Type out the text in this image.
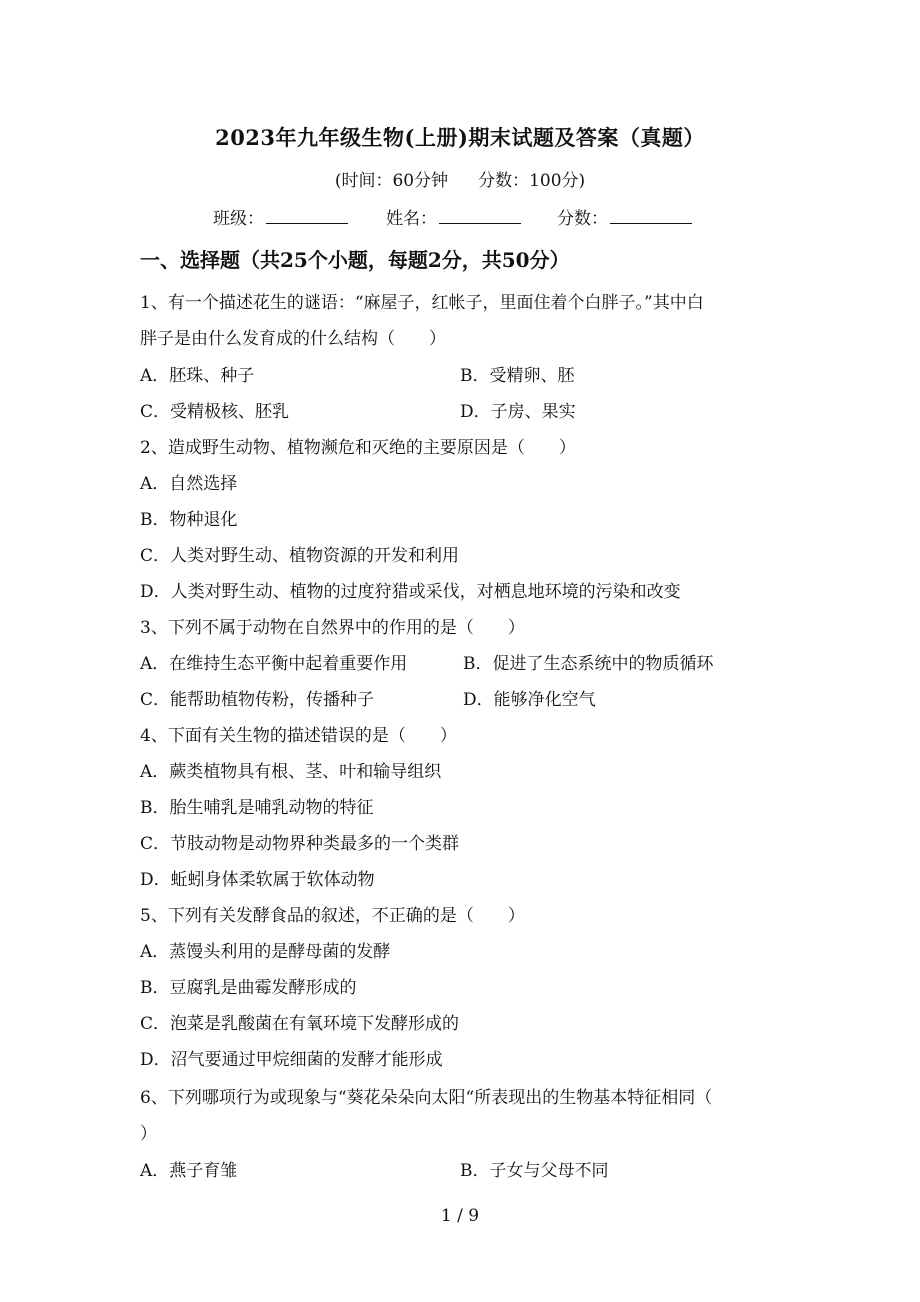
2023年九年级生物(上册)期末试题及答案（真题）
(时间：60分钟 分数：100分)
班级：	姓名：	分数：
一、选择题（共25个小题，每题2分，共50分）
1、有一个描述花生的谜语：“麻屋子，红帐子，里面住着个白胖子。”其中白
胖子是由什么发育成的什么结构（　　）
A．胚珠、种子	B．受精卵、胚
C．受精极核、胚乳	D．子房、果实
2、造成野生动物、植物濒危和灭绝的主要原因是（　　）
A．自然选择
B．物种退化
C．人类对野生动、植物资源的开发和利用
D．人类对野生动、植物的过度狩猎或采伐，对栖息地环境的污染和改变
3、下列不属于动物在自然界中的作用的是（　　）
A．在维持生态平衡中起着重要作用	B．促进了生态系统中的物质循环
C．能帮助植物传粉，传播种子	D．能够净化空气
4、下面有关生物的描述错误的是（　　）
A．蕨类植物具有根、茎、叶和输导组织
B．胎生哺乳是哺乳动物的特征
C．节肢动物是动物界种类最多的一个类群
D．蚯蚓身体柔软属于软体动物
5、下列有关发酵食品的叙述，不正确的是（　　）
A．蒸馒头利用的是酵母菌的发酵
B．豆腐乳是曲霉发酵形成的
C．泡菜是乳酸菌在有氧环境下发酵形成的
D．沼气要通过甲烷细菌的发酵才能形成
6、下列哪项行为或现象与“葵花朵朵向太阳“所表现出的生物基本特征相同（
）
A．燕子育雏	B．子女与父母不同
1 / 9
